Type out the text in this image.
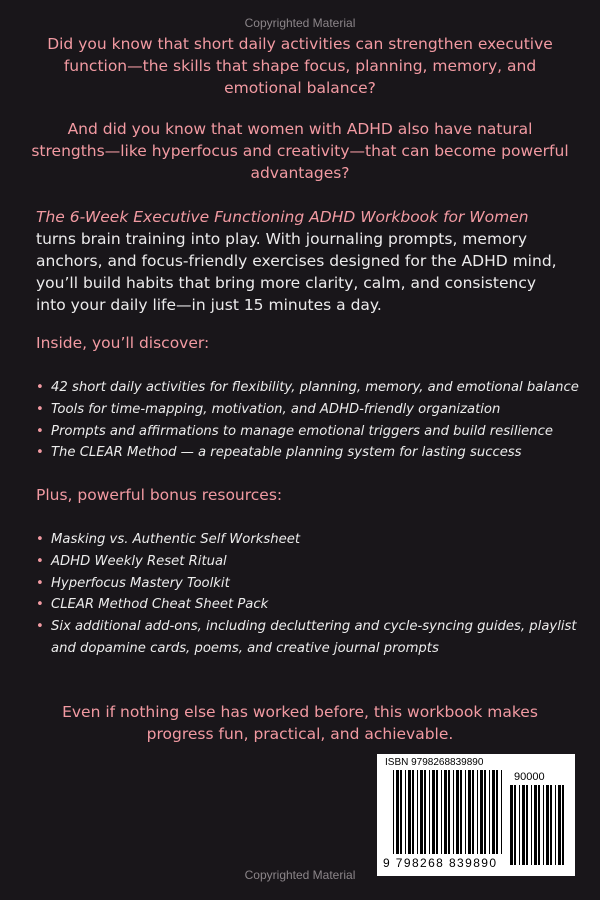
Copyrighted Material
Did you know that short daily activities can strengthen executive function—the skills that shape focus, planning, memory, and emotional balance?
And did you know that women with ADHD also have natural strengths—like hyperfocus and creativity—that can become powerful advantages?
The 6-Week Executive Functioning ADHD Workbook for Women turns brain training into play. With journaling prompts, memory anchors, and focus-friendly exercises designed for the ADHD mind, you’ll build habits that bring more clarity, calm, and consistency into your daily life—in just 15 minutes a day.
Inside, you’ll discover:
• 42 short daily activities for flexibility, planning, memory, and emotional balance
• Tools for time-mapping, motivation, and ADHD-friendly organization
• Prompts and affirmations to manage emotional triggers and build resilience
• The CLEAR Method — a repeatable planning system for lasting success
Plus, powerful bonus resources:
• Masking vs. Authentic Self Worksheet
• ADHD Weekly Reset Ritual
• Hyperfocus Mastery Toolkit
• CLEAR Method Cheat Sheet Pack
• Six additional add-ons, including decluttering and cycle-syncing guides, playlist and dopamine cards, poems, and creative journal prompts
Even if nothing else has worked before, this workbook makes progress fun, practical, and achievable.
ISBN 9798268839890
90000
9 798268 839890
Copyrighted Material
